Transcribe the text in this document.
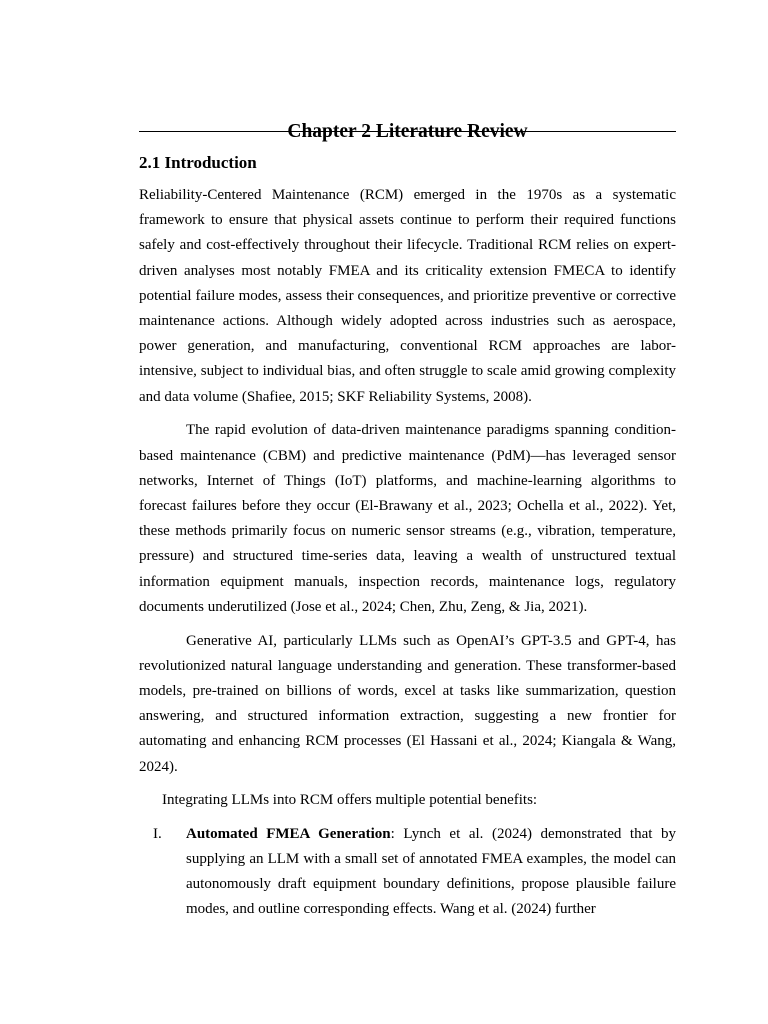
Chapter 2 Literature Review
2.1 Introduction

Reliability-Centered Maintenance (RCM) emerged in the 1970s as a systematic framework to ensure that physical assets continue to perform their required functions safely and cost-effectively throughout their lifecycle. Traditional RCM relies on expert-driven analyses most notably FMEA and its criticality extension FMECA to identify potential failure modes, assess their consequences, and prioritize preventive or corrective maintenance actions. Although widely adopted across industries such as aerospace, power generation, and manufacturing, conventional RCM approaches are labor-intensive, subject to individual bias, and often struggle to scale amid growing complexity and data volume (Shafiee, 2015; SKF Reliability Systems, 2008).

The rapid evolution of data-driven maintenance paradigms spanning condition-based maintenance (CBM) and predictive maintenance (PdM)—has leveraged sensor networks, Internet of Things (IoT) platforms, and machine-learning algorithms to forecast failures before they occur (El-Brawany et al., 2023; Ochella et al., 2022). Yet, these methods primarily focus on numeric sensor streams (e.g., vibration, temperature, pressure) and structured time-series data, leaving a wealth of unstructured textual information equipment manuals, inspection records, maintenance logs, regulatory documents underutilized (Jose et al., 2024; Chen, Zhu, Zeng, & Jia, 2021).

Generative AI, particularly LLMs such as OpenAI’s GPT-3.5 and GPT-4, has revolutionized natural language understanding and generation. These transformer-based models, pre-trained on billions of words, excel at tasks like summarization, question answering, and structured information extraction, suggesting a new frontier for automating and enhancing RCM processes (El Hassani et al., 2024; Kiangala & Wang, 2024).

Integrating LLMs into RCM offers multiple potential benefits:

I. Automated FMEA Generation: Lynch et al. (2024) demonstrated that by supplying an LLM with a small set of annotated FMEA examples, the model can autonomously draft equipment boundary definitions, propose plausible failure modes, and outline corresponding effects. Wang et al. (2024) further
